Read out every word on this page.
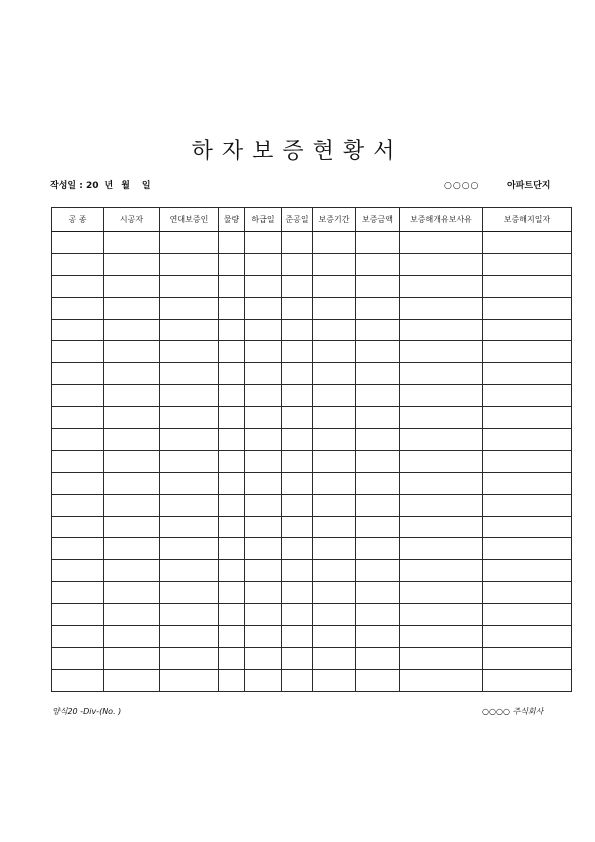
하자보증현황서
작성일 : 20 년 월 일	○○○○	아파트단지
공 종	시공자	연대보증인	물량	하급일	준공일	보증기간	보증금액	보증해개유보사유	보증해지일자

양식20 -Div-(No. )	○○○○ 주식회사
